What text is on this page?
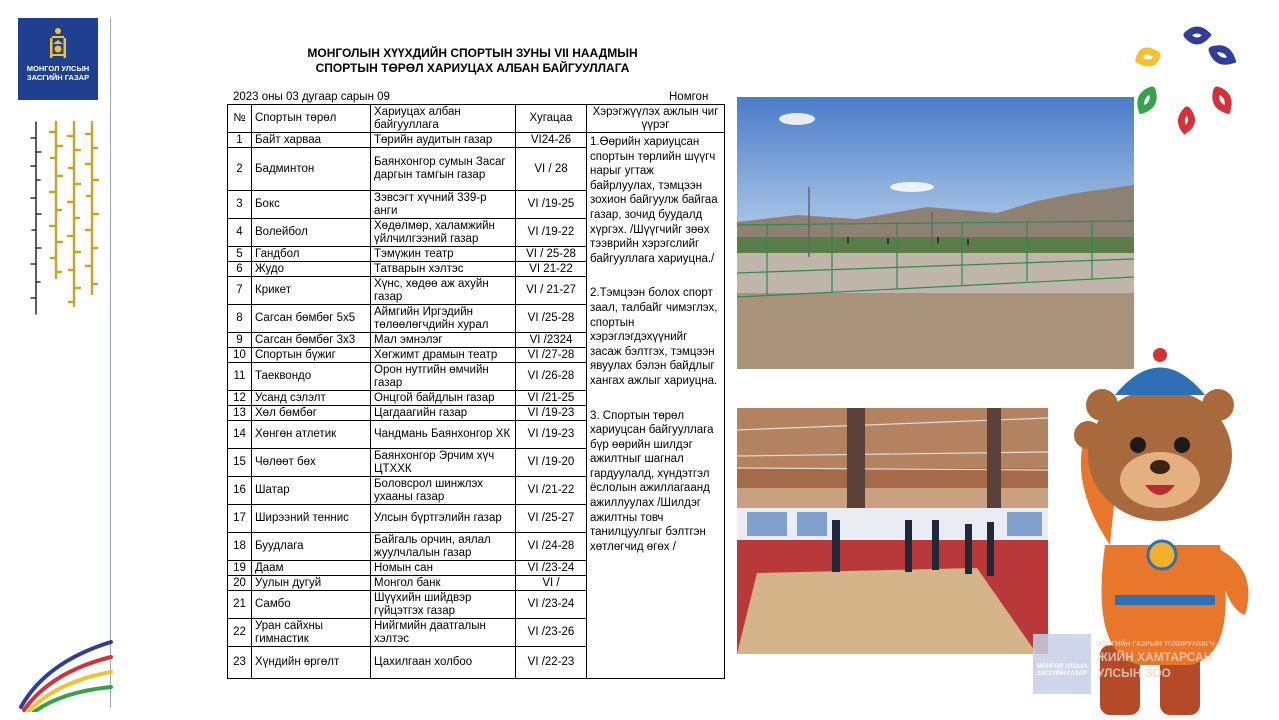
МОНГОЛ УЛСЫН
ЗАСГИЙН ГАЗАР
МОНГОЛЫН ХҮҮХДИЙН СПОРТЫН ЗУНЫ VII НААДМЫН
СПОРТЫН ТӨРӨЛ ХАРИУЦАХ АЛБАН БАЙГУУЛЛАГА
2023 оны 03 дугаар сарын 09	Номгон
№	Спортын төрөл	Хариуцах албан байгууллага	Хугацаа	Хэрэгжүүлэх ажлын чиг үүрэг
1	Байт харваа	Төрийн аудитын газар	VI24-26	1.Өөрийн хариуцсан спортын төрлийн шүүгч нарыг угтаж байрлуулах, тэмцээн зохион байгуулж байгаа газар, зочид буудалд хүргэх. /Шүүгчийг зөөх тээврийн хэрэгслийг байгууллага хариуцна./
2.Тэмцээн болох спорт заал, талбайг чимэглэх, спортын хэрэглэгдэхүүнийг засаж бэлтгэх, тэмцээн явуулах бэлэн байдлыг хангах ажлыг хариуцна.
3. Спортын төрөл хариуцсан байгууллага бүр өөрийн шилдэг ажилтныг шагнал гардуулалд, хүндэтгэл ёслолын ажиллагаанд ажиллуулах /Шилдэг ажилтны товч танилцуулгыг бэлтгэн хөтлөгчид өгөх /

2	Бадминтон	Баянхонгор сумын Засаг даргын тамгын газар	VI / 28	
3	Бокс	Зэвсэгт хүчний 339-р анги	VI /19-25	
4	Волейбол	Хөдөлмөр, халамжийн үйлчилгээний газар	VI /19-22	
5	Гандбол	Тэмүжин театр	VI / 25-28	
6	Жудо	Татварын хэлтэс	VI 21-22	
7	Крикет	Хүнс, хөдөө аж ахуйн газар	VI / 21-27	
8	Сагсан бөмбөг 5х5	Аймгийн Иргэдийн төлөөлөгчдийн хурал	VI /25-28	
9	Сагсан бөмбөг 3х3	Мал эмнэлэг	VI /2324	
10	Спортын бүжиг	Хөгжимт драмын театр	VI /27-28	
11	Таеквондо	Орон нутгийн өмчийн газар	VI /26-28	
12	Усанд сэлэлт	Онцгой байдлын газар	VI /21-25	
13	Хөл бөмбөг	Цагдаагийн газар	VI /19-23	
14	Хөнгөн атлетик	Чандмань Баянхонгор ХК	VI /19-23	
15	Чөлөөт бөх	Баянхонгор Эрчим хүч ЦТХХК	VI /19-20	
16	Шатар	Боловсрол шинжлэх ухааны газар	VI /21-22	
17	Ширээний теннис	Улсын бүртгэлийн газар	VI /25-27	
18	Буудлага	Байгаль орчин, аялал жуулчлалын газар	VI /24-28	
19	Даам	Номын сан	VI /23-24	
20	Уулын дугуй	Монгол банк	VI /	
21	Самбо	Шүүхийн шийдвэр гүйцэтгэх газар	VI /23-24	
22	Уран сайхны гимнастик	Нийгмийн даатгалын хэлтэс	VI /23-26	
23	Хүндийн өргөлт	Цахилгаан холбоо	VI /22-23		МОНГОЛ УЛСЫН
ЗАСГИЙН ГАЗАР
ЗАСГИЙН ГАЗРЫН ТОХИРУУЛАГЧ
ЖИЙН ХАМТАРСАН
УЛСЫН ЗОО
